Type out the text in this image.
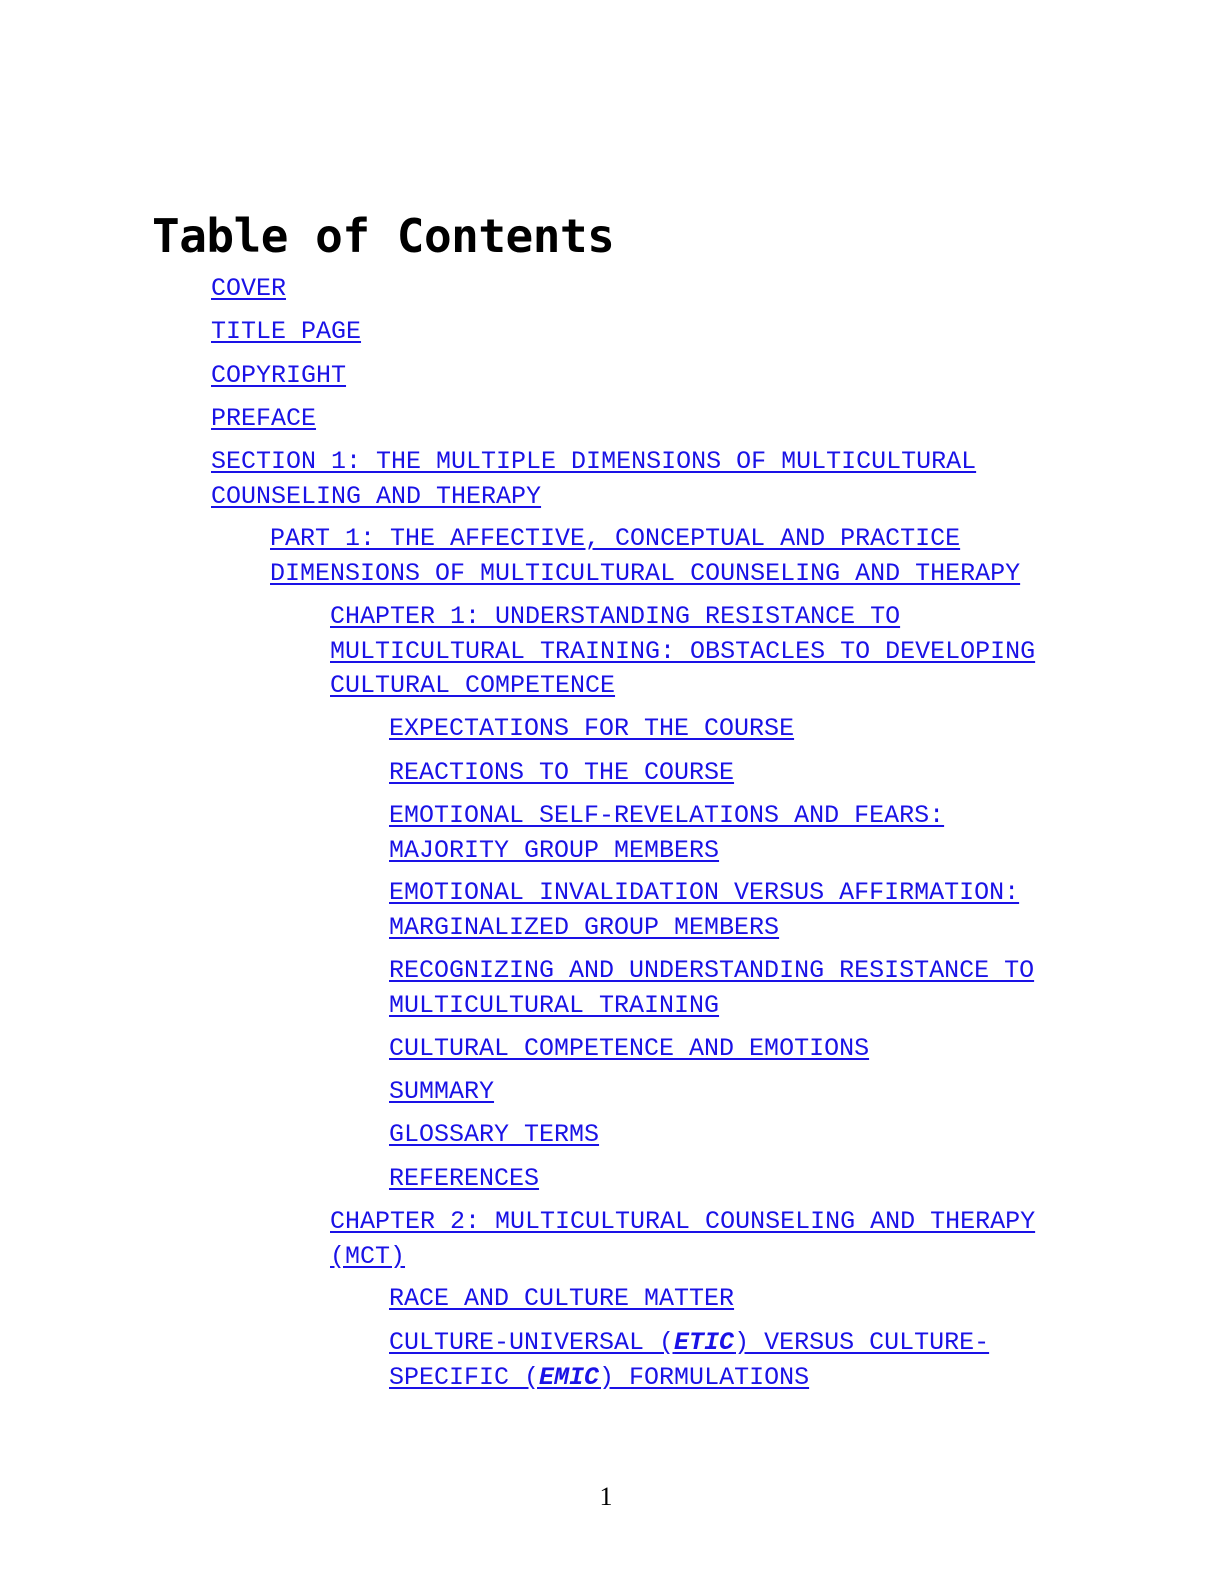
Table of Contents
COVER
TITLE PAGE
COPYRIGHT
PREFACE
SECTION 1: THE MULTIPLE DIMENSIONS OF MULTICULTURAL
COUNSELING AND THERAPY
PART 1: THE AFFECTIVE, CONCEPTUAL AND PRACTICE
DIMENSIONS OF MULTICULTURAL COUNSELING AND THERAPY
CHAPTER 1: UNDERSTANDING RESISTANCE TO
MULTICULTURAL TRAINING: OBSTACLES TO DEVELOPING
CULTURAL COMPETENCE
EXPECTATIONS FOR THE COURSE
REACTIONS TO THE COURSE
EMOTIONAL SELF‐REVELATIONS AND FEARS:
MAJORITY GROUP MEMBERS
EMOTIONAL INVALIDATION VERSUS AFFIRMATION:
MARGINALIZED GROUP MEMBERS
RECOGNIZING AND UNDERSTANDING RESISTANCE TO
MULTICULTURAL TRAINING
CULTURAL COMPETENCE AND EMOTIONS
SUMMARY
GLOSSARY TERMS
REFERENCES
CHAPTER 2: MULTICULTURAL COUNSELING AND THERAPY
(MCT)
RACE AND CULTURE MATTER
CULTURE‐UNIVERSAL (ETIC) VERSUS CULTURE‐
SPECIFIC (EMIC) FORMULATIONS
1
